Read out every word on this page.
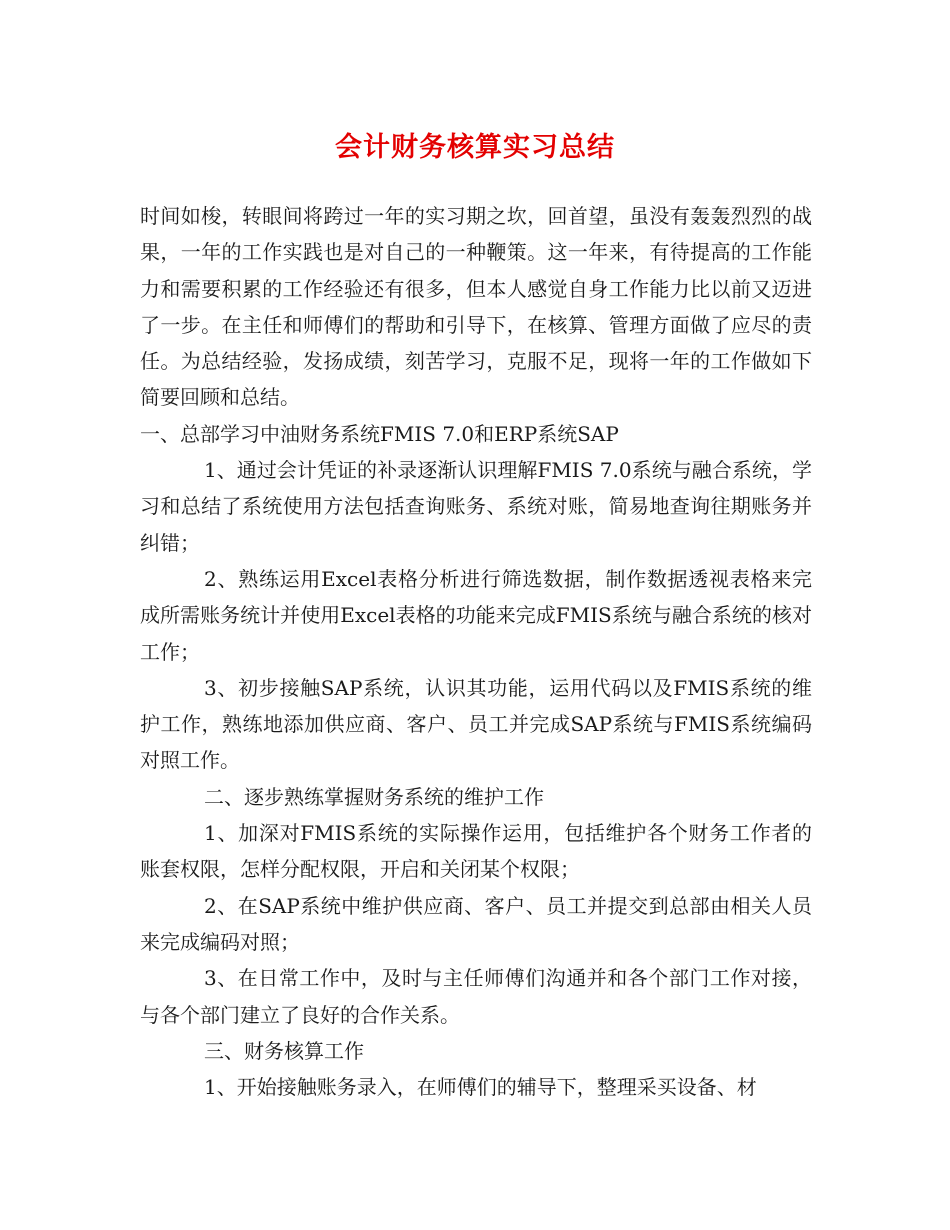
会计财务核算实习总结

时间如梭，转眼间将跨过一年的实习期之坎，回首望，虽没有轰轰烈烈的战果，一年的工作实践也是对自己的一种鞭策。这一年来，有待提高的工作能力和需要积累的工作经验还有很多，但本人感觉自身工作能力比以前又迈进了一步。在主任和师傅们的帮助和引导下，在核算、管理方面做了应尽的责任。为总结经验，发扬成绩，刻苦学习，克服不足，现将一年的工作做如下简要回顾和总结。

一、总部学习中油财务系统FMIS 7.0和ERP系统SAP

1、通过会计凭证的补录逐渐认识理解FMIS 7.0系统与融合系统，学习和总结了系统使用方法包括查询账务、系统对账，简易地查询往期账务并纠错；

2、熟练运用Excel表格分析进行筛选数据，制作数据透视表格来完成所需账务统计并使用Excel表格的功能来完成FMIS系统与融合系统的核对工作；

3、初步接触SAP系统，认识其功能，运用代码以及FMIS系统的维护工作，熟练地添加供应商、客户、员工并完成SAP系统与FMIS系统编码对照工作。

二、逐步熟练掌握财务系统的维护工作

1、加深对FMIS系统的实际操作运用，包括维护各个财务工作者的账套权限，怎样分配权限，开启和关闭某个权限；

2、在SAP系统中维护供应商、客户、员工并提交到总部由相关人员来完成编码对照；

3、在日常工作中，及时与主任师傅们沟通并和各个部门工作对接，与各个部门建立了良好的合作关系。

三、财务核算工作

1、开始接触账务录入，在师傅们的辅导下，整理采买设备、材
